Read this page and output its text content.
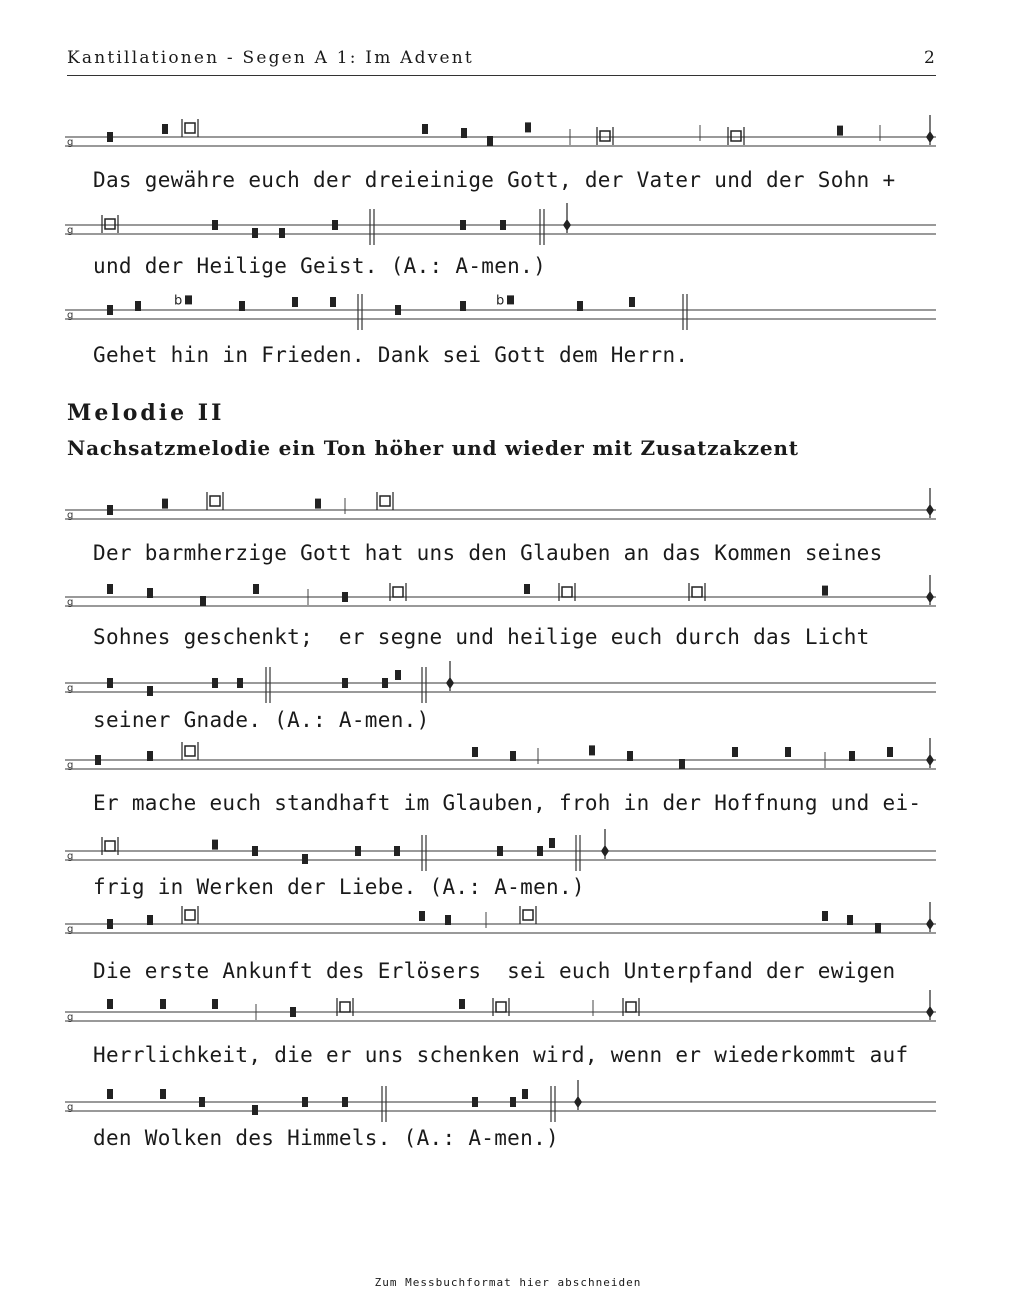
Kantillationen - Segen A 1: Im Advent	2
g
Das gewähre euch der dreieinige Gott, der Vater und der Sohn +
g
und der Heilige Geist. (A.: A-men.)
g
b	b
Gehet hin in Frieden. Dank sei Gott dem Herrn.
Melodie II
Nachsatzmelodie ein Ton höher und wieder mit Zusatzakzent
g
Der barmherzige Gott hat uns den Glauben an das Kommen seines
g
Sohnes geschenkt;  er segne und heilige euch durch das Licht
g
seiner Gnade. (A.: A-men.)
g
Er mache euch standhaft im Glauben, froh in der Hoffnung und ei-
g
frig in Werken der Liebe. (A.: A-men.)
g
Die erste Ankunft des Erlösers  sei euch Unterpfand der ewigen
g
Herrlichkeit, die er uns schenken wird, wenn er wiederkommt auf
g
den Wolken des Himmels. (A.: A-men.)
Zum Messbuchformat hier abschneiden
